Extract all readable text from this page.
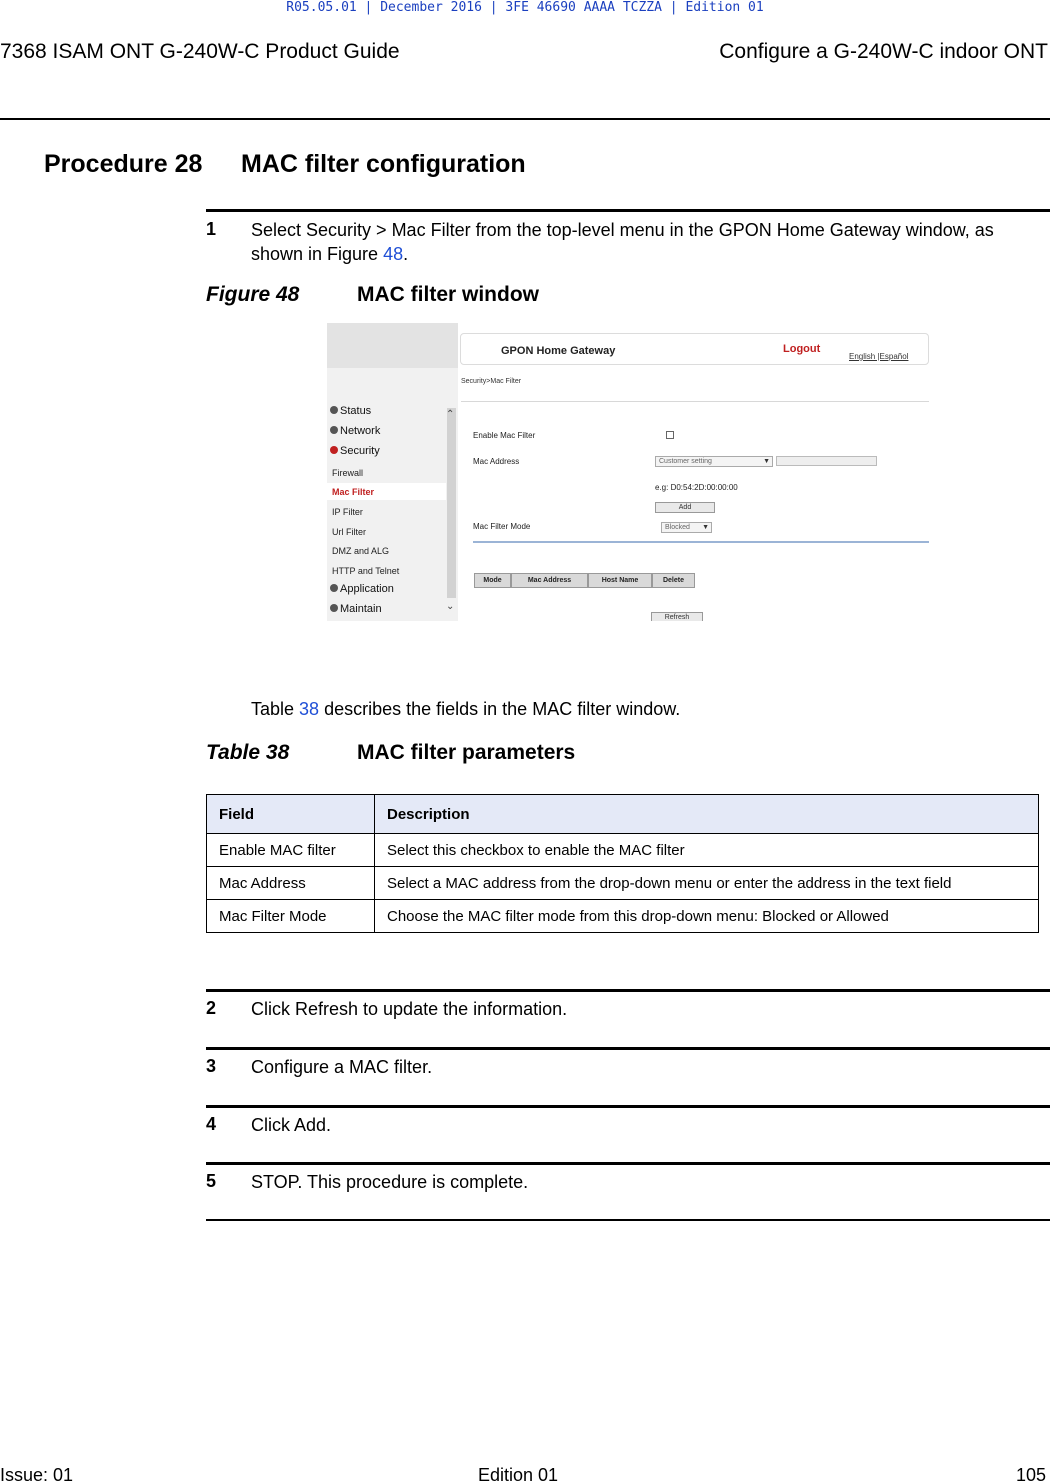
R05.05.01 | December 2016 | 3FE 46690 AAAA TCZZA | Edition 01
7368 ISAM ONT G-240W-C Product Guide	Configure a G-240W-C indoor ONT
Procedure 28 MAC filter configuration
1 Select Security > Mac Filter from the top-level menu in the GPON Home Gateway window, as shown in Figure 48.
Figure 48	MAC filter window
⌃
⌄
Status
Network
Security
Firewall
Mac Filter
IP Filter
Url Filter
DMZ and ALG
HTTP and Telnet
Application
Maintain
GPON Home Gateway	Logout
English |Español
Security>Mac Filter
Enable Mac Filter
Mac Address	Customer setting	▼
e.g: D0:54:2D:00:00:00
Add
Mac Filter Mode	Blocked ▼
Mode	Mac Address	Host Name	Delete
Refresh
Table 38 describes the fields in the MAC filter window.
Table 38	MAC filter parameters
Field	Description
Enable MAC filter	Select this checkbox to enable the MAC filter
Mac Address	Select a MAC address from the drop-down menu or enter the address in the text field
Mac Filter Mode	Choose the MAC filter mode from this drop-down menu: Blocked or Allowed
2 Click Refresh to update the information.
3 Configure a MAC filter.
4 Click Add.
5 STOP. This procedure is complete.
Issue: 01	Edition 01	105
